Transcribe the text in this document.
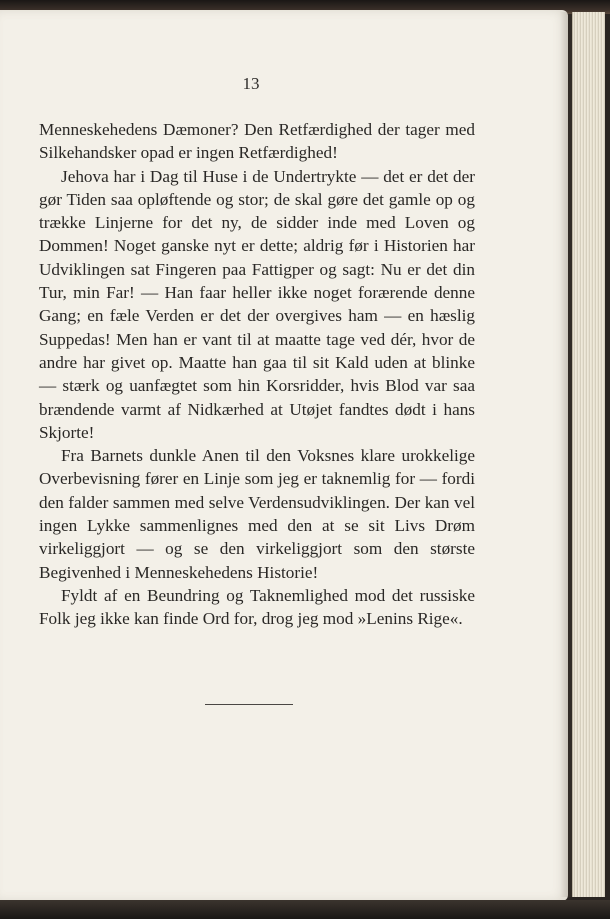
13

Menneskehedens Dæmoner? Den Retfærdighed der tager med Silkehandsker opad er ingen Retfærdighed!

Jehova har i Dag til Huse i de Undertrykte — det er det der gør Tiden saa opløftende og stor; de skal gøre det gamle op og trække Linjerne for det ny, de sidder inde med Loven og Dommen! Noget ganske nyt er dette; aldrig før i Historien har Udviklingen sat Fingeren paa Fattigper og sagt: Nu er det din Tur, min Far! — Han faar heller ikke noget forærende denne Gang; en fæle Verden er det der overgives ham — en hæslig Suppedas! Men han er vant til at maatte tage ved dér, hvor de andre har givet op. Maatte han gaa til sit Kald uden at blinke — stærk og uanfægtet som hin Korsridder, hvis Blod var saa brændende varmt af Nidkærhed at Utøjet fandtes dødt i hans Skjorte!

Fra Barnets dunkle Anen til den Voksnes klare urokkelige Overbevisning fører en Linje som jeg er taknemlig for — fordi den falder sammen med selve Verdensudviklingen. Der kan vel ingen Lykke sammenlignes med den at se sit Livs Drøm virkeliggjort — og se den virkeliggjort som den største Begivenhed i Menneskehedens Historie!

Fyldt af en Beundring og Taknemlighed mod det russiske Folk jeg ikke kan finde Ord for, drog jeg mod »Lenins Rige«.
